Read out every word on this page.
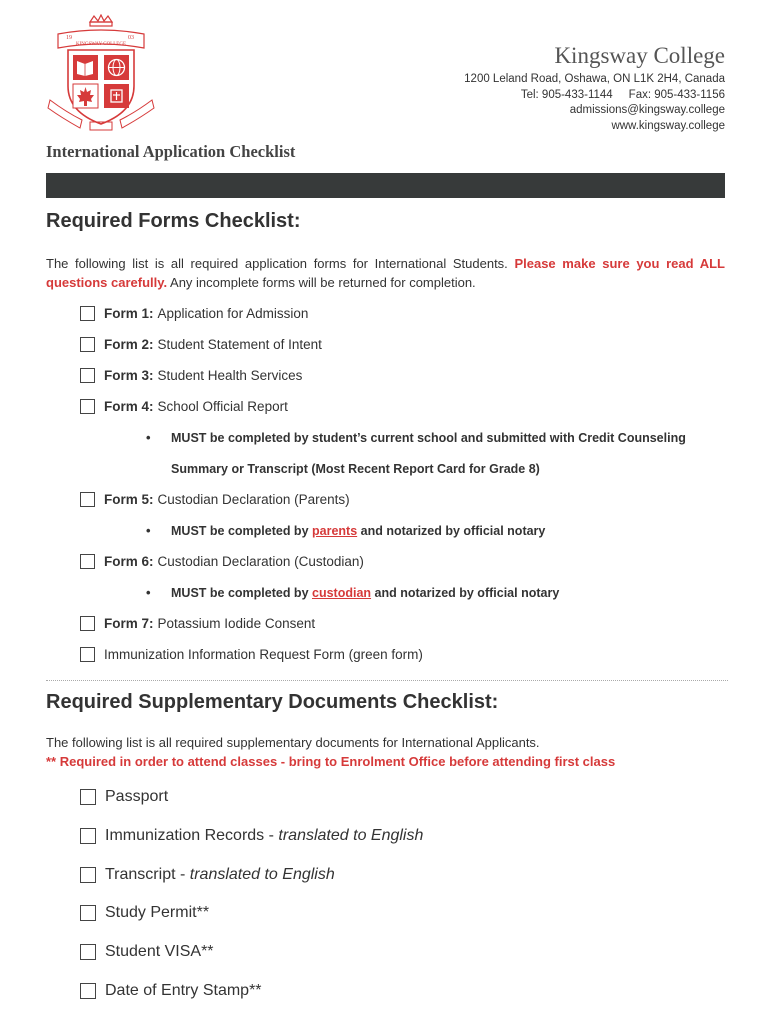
19	03
KINGSWAY COLLEGE	Kingsway College
1200 Leland Road, Oshawa, ON L1K 2H4, Canada
Tel: 905-433-1144 Fax: 905-433-1156
admissions@kingsway.college
www.kingsway.college
International Application Checklist
Required Forms Checklist:
The following list is all required application forms for International Students. Please make sure you read ALL questions carefully. Any incomplete forms will be returned for completion.
Form 1: Application for Admission
Form 2: Student Statement of Intent
Form 3: Student Health Services
Form 4: School Official Report
• MUST be completed by student’s current school and submitted with Credit Counseling
Summary or Transcript (Most Recent Report Card for Grade 8)
Form 5: Custodian Declaration (Parents)
• MUST be completed by parents and notarized by official notary
Form 6: Custodian Declaration (Custodian)
• MUST be completed by custodian and notarized by official notary
Form 7: Potassium Iodide Consent
Immunization Information Request Form (green form)
Required Supplementary Documents Checklist:
The following list is all required supplementary documents for International Applicants.
** Required in order to attend classes - bring to Enrolment Office before attending first class
Passport
Immunization Records -
translated to English
Transcript -
translated to English
Study Permit**
Student VISA**
Date of Entry Stamp**
